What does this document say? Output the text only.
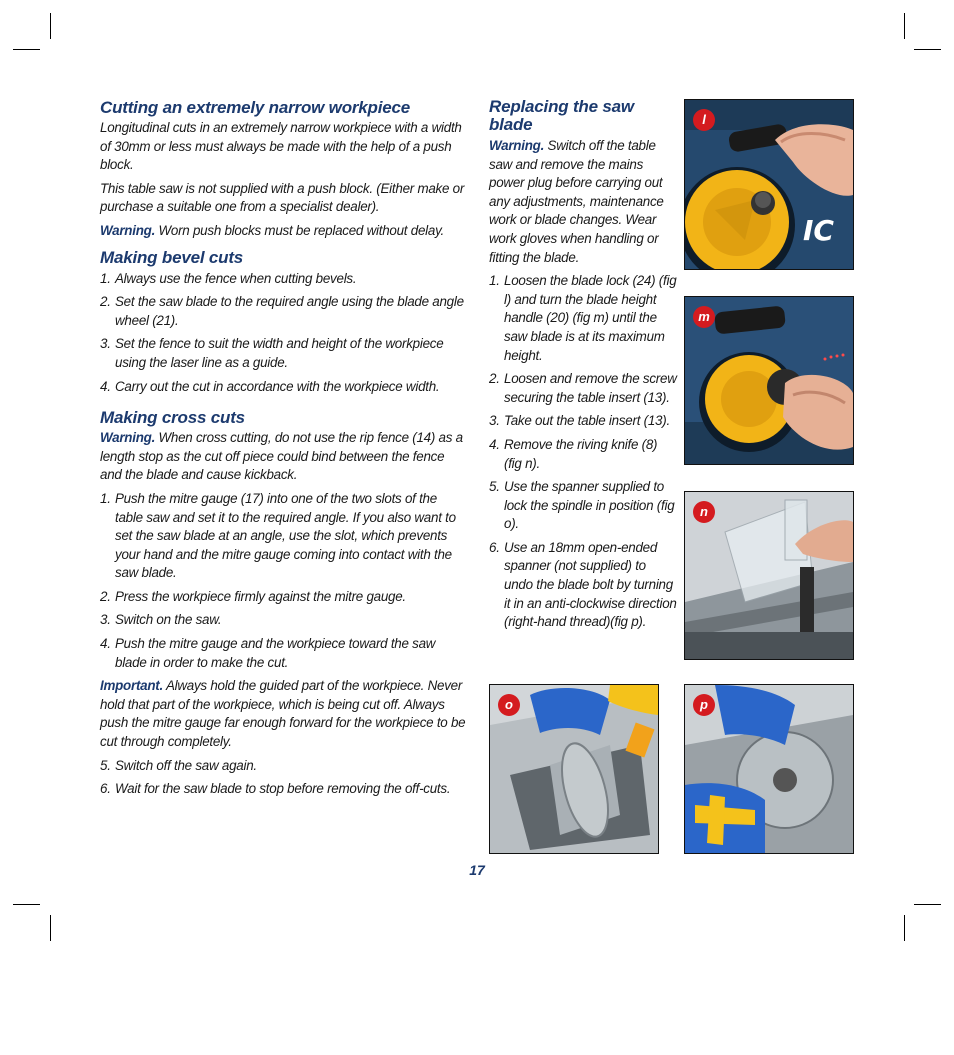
Cutting an extremely narrow workpiece

Longitudinal cuts in an extremely narrow workpiece with a width of 30mm or less must always be made with the help of a push block.

This table saw is not supplied with a push block. (Either make or purchase a suitable one from a specialist dealer).

Warning. Worn push blocks must be replaced without delay.

Making bevel cuts
1. Always use the fence when cutting bevels.
2. Set the saw blade to the required angle using the blade angle wheel (21).
3. Set the fence to suit the width and height of the workpiece using the laser line as a guide.
4. Carry out the cut in accordance with the workpiece width.
Making cross cuts

Warning. When cross cutting, do not use the rip fence (14) as a length stop as the cut off piece could bind between the fence and the blade and cause kickback.

1. Push the mitre gauge (17) into one of the two slots of the table saw and set it to the required angle. If you also want to set the saw blade at an angle, use the slot, which prevents your hand and the mitre gauge coming into contact with the saw blade.
2. Press the workpiece firmly against the mitre gauge.
3. Switch on the saw.
4. Push the mitre gauge and the workpiece toward the saw blade in order to make the cut.

Important. Always hold the guided part of the workpiece. Never hold that part of the workpiece, which is being cut off. Always push the mitre gauge far enough forward for the workpiece to be cut through completely.

5. Switch off the saw again.
6. Wait for the saw blade to stop before removing the off-cuts.
Replacing the saw blade

Warning. Switch off the table saw and remove the mains power plug before carrying out any adjustments, maintenance work or blade changes. Wear work gloves when handling or fitting the blade.

1. Loosen the blade lock (24) (fig l) and turn the blade height handle (20) (fig m) until the saw blade is at its maximum height.
2. Loosen and remove the screw securing the table insert (13).
3. Take out the table insert (13).
4. Remove the riving knife (8) (fig n).
5. Use the spanner supplied to lock the spindle in position (fig o).
6. Use an 18mm open-ended spanner (not supplied) to undo the blade bolt by turning it in an anti-clockwise direction (right-hand thread)(fig p).
IC
l
m
n
o	p
17
